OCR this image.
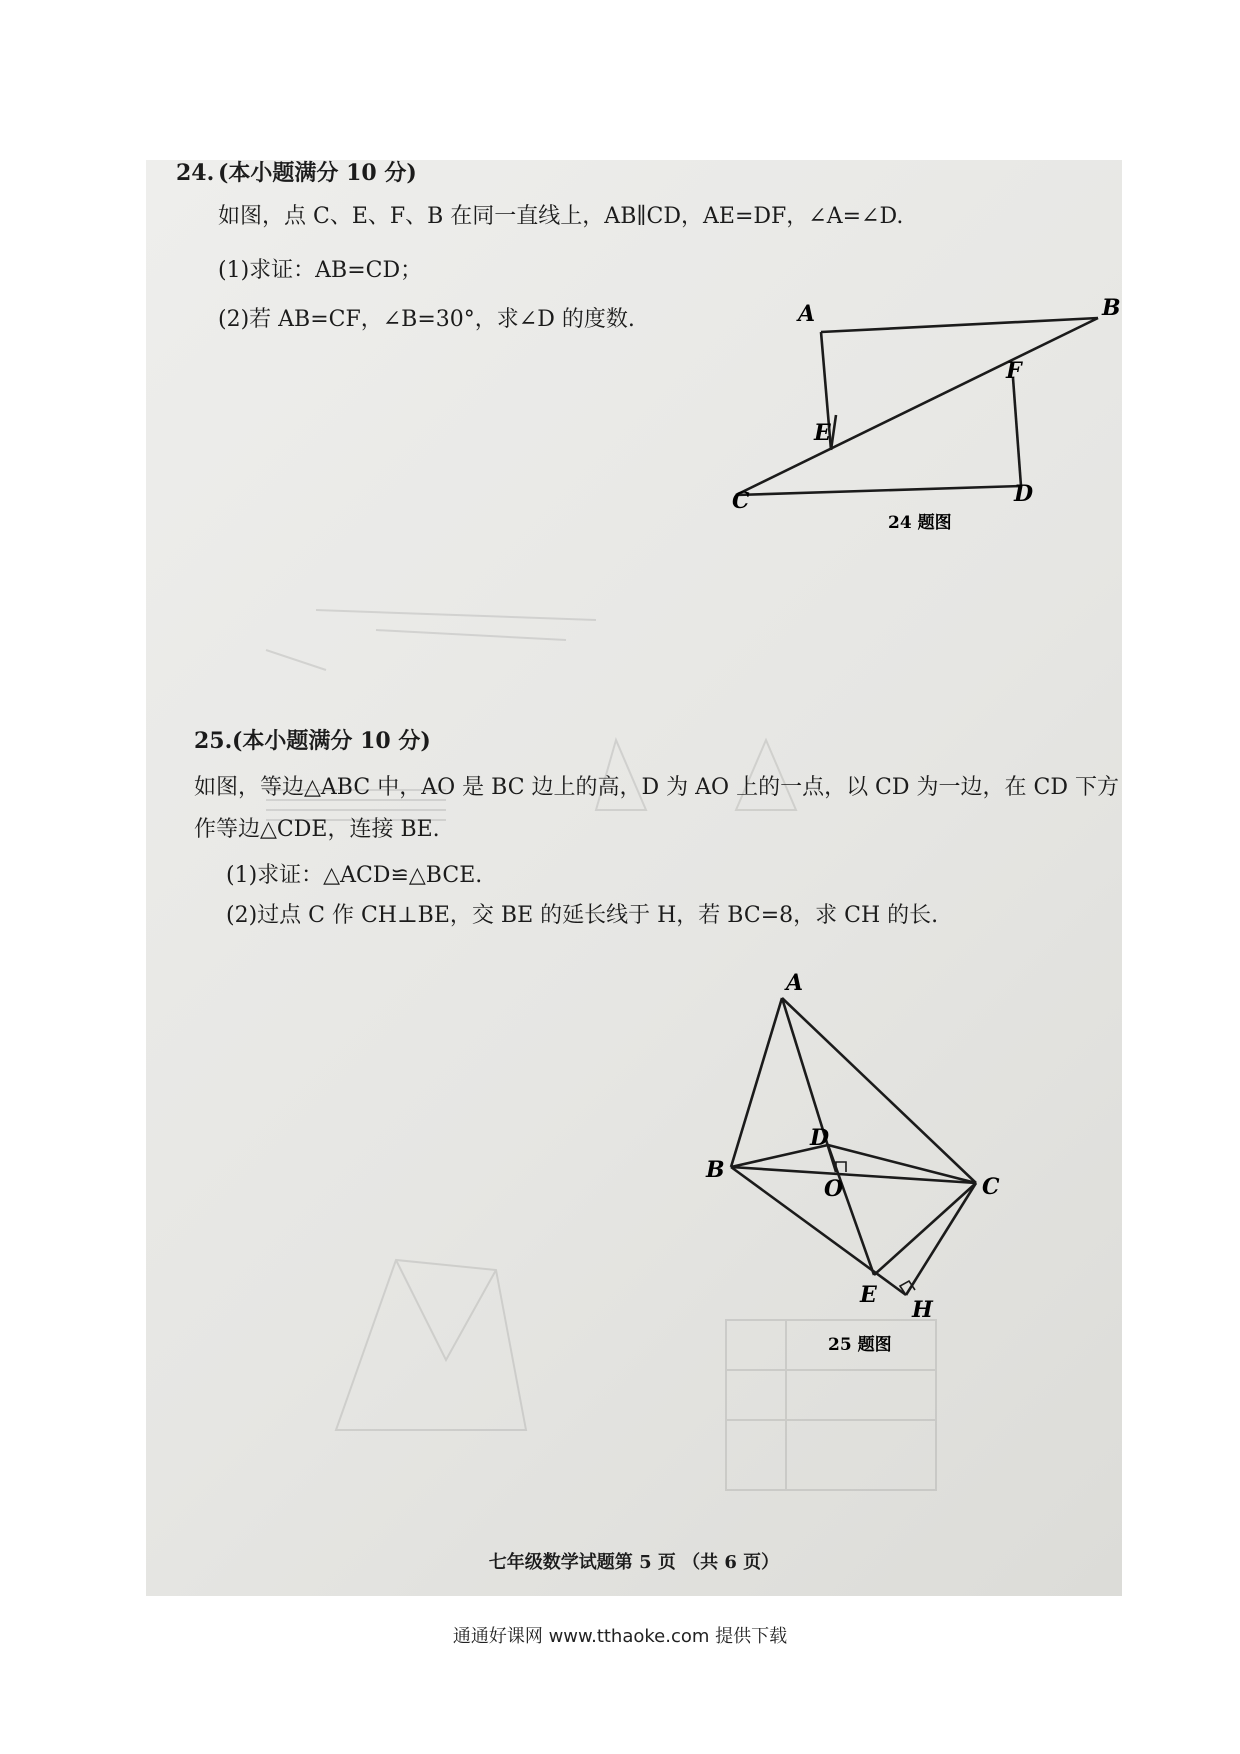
24. (本小题满分 10 分)
如图，点 C、E、F、B 在同一直线上，AB∥CD，AE=DF，∠A=∠D.
(1)求证：AB=CD；
(2)若 AB=CF，∠B=30°，求∠D 的度数.	A	B
F
E
C	D
24 题图
25. (本小题满分 10 分)
如图，等边△ABC 中，AO 是 BC 边上的高，D 为 AO 上的一点，以 CD 为一边，在 CD 下方
作等边△CDE，连接 BE.
(1)求证：△ACD≌△BCE.
(2)过点 C 作 CH⊥BE，交 BE 的延长线于 H，若 BC=8，求 CH 的长.
A
B
C
D
O
E
H
25 题图
七年级数学试题第 5 页 （共 6 页）
通通好课网 www.tthaoke.com 提供下载
